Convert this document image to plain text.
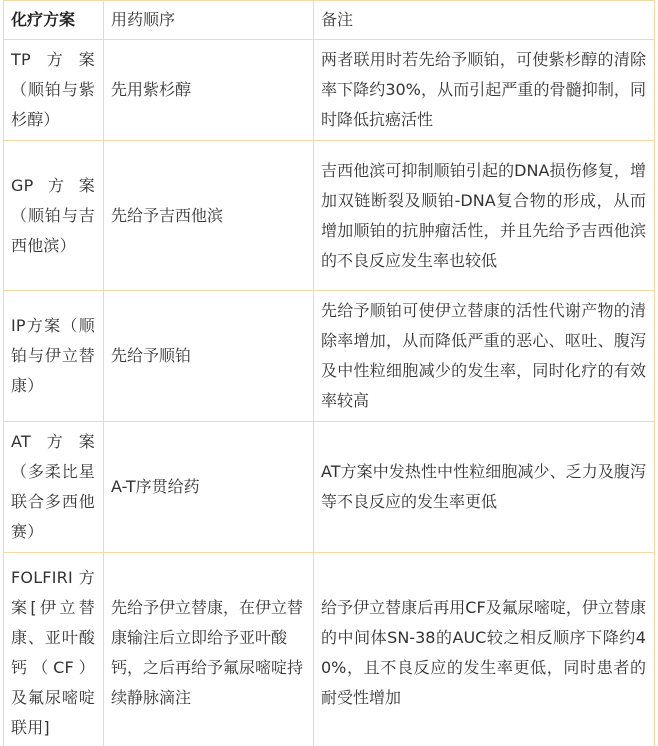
化疗方案	用药顺序	备注
TP方案（顺铂与紫杉醇）	先用紫杉醇	两者联用时若先给予顺铂，可使紫杉醇的清除率下降约30%，从而引起严重的骨髓抑制，同时降低抗癌活性
GP方案（顺铂与吉西他滨）	先给予吉西他滨	吉西他滨可抑制顺铂引起的DNA损伤修复，增加双链断裂及顺铂-DNA复合物的形成，从而增加顺铂的抗肿瘤活性，并且先给予吉西他滨的不良反应发生率也较低
IP方案（顺铂与伊立替康）	先给予顺铂	先给予顺铂可使伊立替康的活性代谢产物的清除率增加，从而降低严重的恶心、呕吐、腹泻及中性粒细胞减少的发生率，同时化疗的有效率较高
AT方案（多柔比星联合多西他赛）	A-T序贯给药	AT方案中发热性中性粒细胞减少、乏力及腹泻等不良反应的发生率更低
FOLFIRI方案[伊立替康、亚叶酸钙（CF）及氟尿嘧啶联用]	先给予伊立替康，在伊立替康输注后立即给予亚叶酸钙，之后再给予氟尿嘧啶持续静脉滴注	给予伊立替康后再用CF及氟尿嘧啶，伊立替康的中间体SN-38的AUC较之相反顺序下降约40%，且不良反应的发生率更低，同时患者的耐受性增加
